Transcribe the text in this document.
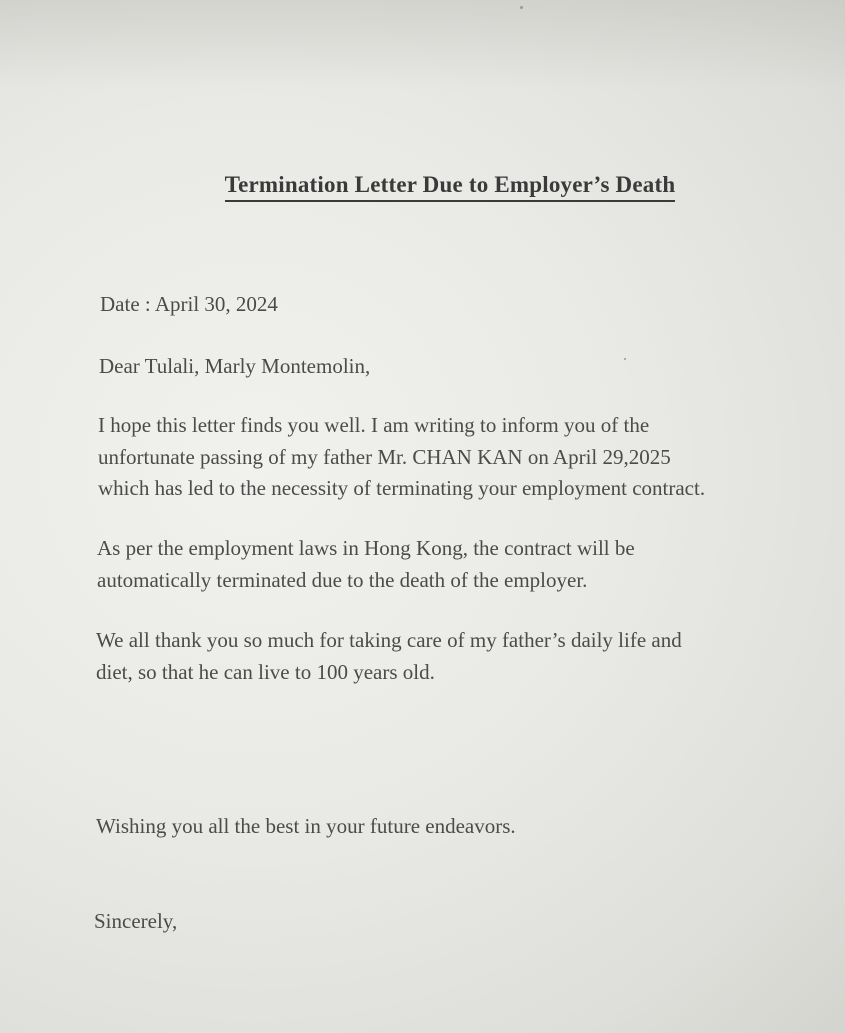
Termination Letter Due to Employer’s Death
Date : April 30, 2024
Dear Tulali, Marly Montemolin,

I hope this letter finds you well. I am writing to inform you of the

unfortunate passing of my father Mr. CHAN KAN on April 29,2025

which has led to the necessity of terminating your employment contract.

As per the employment laws in Hong Kong, the contract will be

automatically terminated due to the death of the employer.

We all thank you so much for taking care of my father’s daily life and

diet, so that he can live to 100 years old.

Wishing you all the best in your future endeavors.
Sincerely,
